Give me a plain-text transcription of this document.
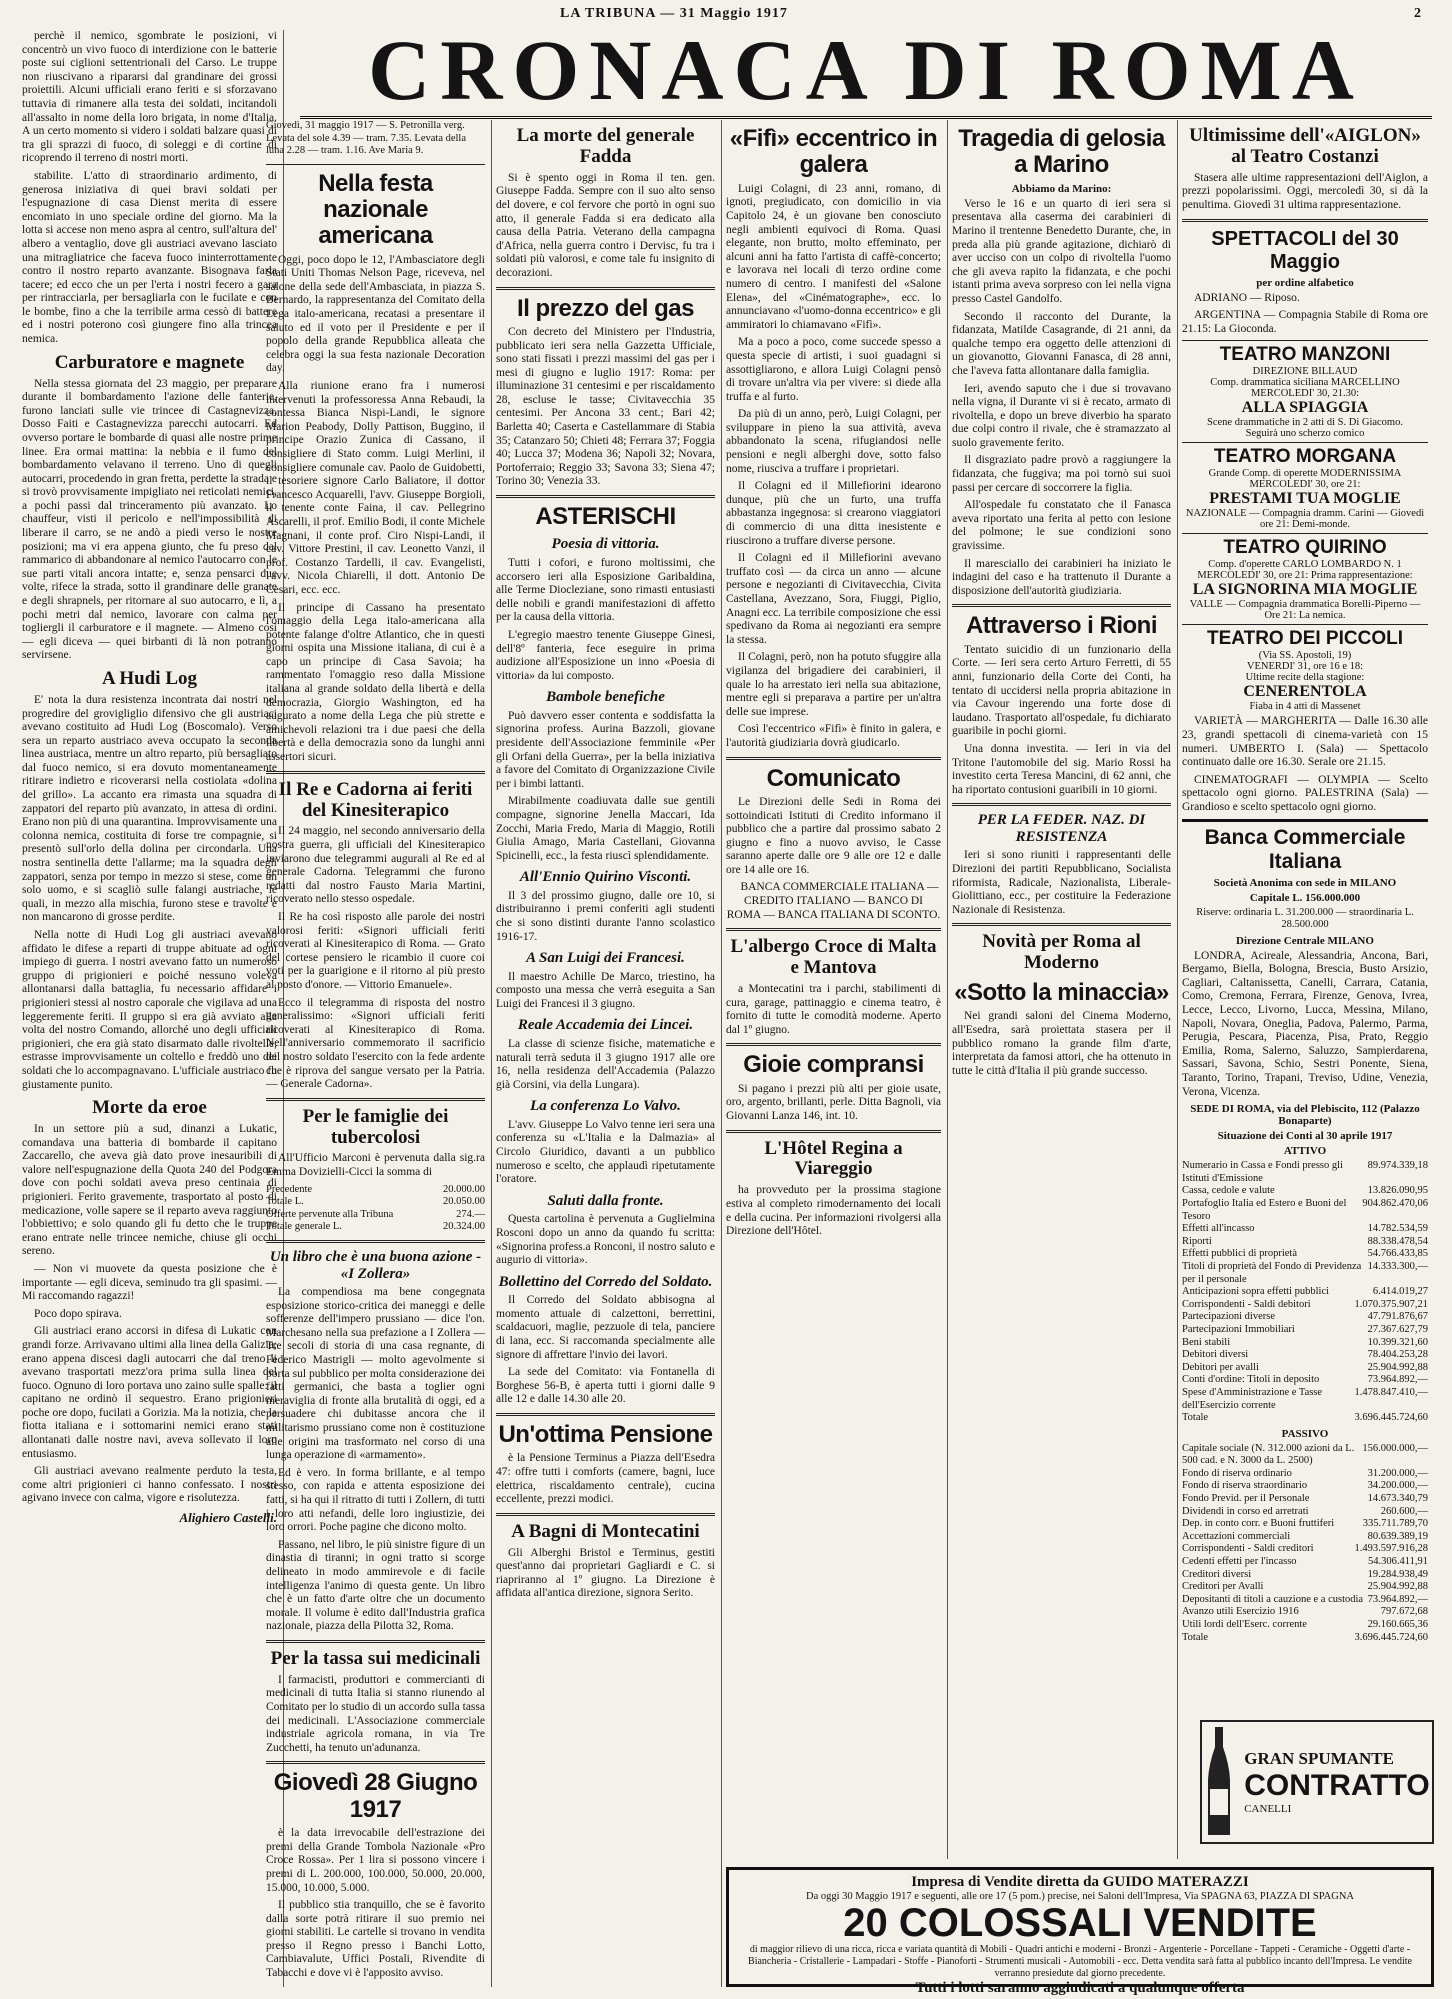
LA TRIBUNA — 31 Maggio 1917	2
CRONACA DI ROMA

perchè il nemico, sgombrate le posizioni, vi concentrò un vivo fuoco di interdizione con le batterie poste sui ciglioni settentrionali del Carso. Le truppe non riuscivano a ripararsi dal grandinare dei grossi proiettili. Alcuni ufficiali erano feriti e si sforzavano tuttavia di rimanere alla testa dei soldati, incitandoli all'assalto in nome della loro brigata, in nome d'Italia. A un certo momento si videro i soldati balzare quasi di tra gli sprazzi di fuoco, di soleggi e di cortine di ricoprendo il terreno di nostri morti.

stabilite. L'atto di straordinario ardimento, di generosa iniziativa di quei bravi soldati per l'espugnazione di casa Dienst merita di essere encomiato in uno speciale ordine del giorno. Ma la lotta si accese non meno aspra al centro, sull'altura del' albero a ventaglio, dove gli austriaci avevano lasciato una mitragliatrice che faceva fuoco ininterrottamente contro il nostro reparto avanzante. Bisognava farla tacere; ed ecco che un per l'erta i nostri fecero a gara per rintracciarla, per bersagliarla con le fucilate e con le bombe, fino a che la terribile arma cessò di battere ed i nostri poterono così giungere fino alla trincea nemica.

Carburatore e magnete

Nella stessa giornata del 23 maggio, per preparare durante il bombardamento l'azione delle fanterie, furono lanciati sulle vie trincee di Castagnevizza, Dosso Faiti e Castagnevizza parecchi autocarri. Ed ovverso portare le bombarde di quasi alle nostre prime linee. Era ormai mattina: la nebbia e il fumo del bombardamento velavano il terreno. Uno di quegli autocarri, procedendo in gran fretta, perdette la strada e si trovò provvisamente impigliato nei reticolati nemici, a pochi passi dal trinceramento più avanzato. Lo chauffeur, visti il pericolo e nell'impossibilità di liberare il carro, se ne andò a piedi verso le nostre posizioni; ma vi era appena giunto, che fu preso dal rammarico di abbandonare al nemico l'autocarro con le sue parti vitali ancora intatte; e, senza pensarci due volte, rifece la strada, sotto il grandinare delle granate e degli shrapnels, per ritornare al suo autocarro, e lì, a pochi metri dal nemico, lavorare con calma per togliergli il carburatore e il magnete. — Almeno così — egli diceva — quei birbanti di là non potranno servirsene.

A Hudi Log

E' nota la dura resistenza incontrata dai nostri nel progredire del grovigliglio difensivo che gli austriaci avevano costituito ad Hudi Log (Boscomalo). Verso sera un reparto austriaco aveva occupato la seconda linea austriaca, mentre un altro reparto, più bersagliato dal fuoco nemico, si era dovuto momentaneamente ritirare indietro e ricoverarsi nella costiolata «dolina del grillo». La accanto era rimasta una squadra di zappatori del reparto più avanzato, in attesa di ordini. Erano non più di una quarantina. Improvvisamente una colonna nemica, costituita di forse tre compagnie, si presentò sull'orlo della dolina per circondarla. Una nostra sentinella dette l'allarme; ma la squadra degli zappatori, senza por tempo in mezzo si stese, come un solo uomo, e si scagliò sulle falangi austriache, le quali, in mezzo alla mischia, furono stese e travolte e non mancarono di grosse perdite.

Nella notte di Hudi Log gli austriaci avevano affidato le difese a reparti di truppe abituate ad ogni impiego di guerra. I nostri avevano fatto un numeroso gruppo di prigionieri e poiché nessuno voleva allontanarsi dalla battaglia, fu necessario affidare i prigionieri stessi al nostro caporale che vigilava ad una leggeremente feriti. Il gruppo si era già avviato alla volta del nostro Comando, allorché uno degli ufficiali prigionieri, che era già stato disarmato dalle rivoltelle, estrasse improvvisamente un coltello e freddò uno dei soldati che lo accompagnavano. L'ufficiale austriaco fu giustamente punito.

Morte da eroe

In un settore più a sud, dinanzi a Lukatic, comandava una batteria di bombarde il capitano Zaccarello, che aveva già dato prove inesauribili di valore nell'espugnazione della Quota 240 del Podgora dove con pochi soldati aveva preso centinaia di prigionieri. Ferito gravemente, trasportato al posto di medicazione, volle sapere se il reparto aveva raggiunto l'obbiettivo; e solo quando gli fu detto che le truppe erano entrate nelle trincee nemiche, chiuse gli occhi sereno.

— Non vi muovete da questa posizione che è importante — egli diceva, seminudo tra gli spasimi. — Mi raccomando ragazzi!

Poco dopo spirava.

Gli austriaci erano accorsi in difesa di Lukatic con grandi forze. Arrivavano ultimi alla linea della Galizia; erano appena discesi dagli autocarri che dal treno li avevano trasportati mezz'ora prima sulla linea del fuoco. Ognuno di loro portava uno zaino sulle spalle: il capitano ne ordinò il sequestro. Erano prigionieri poche ore dopo, fucilati a Gorizia. Ma la notizia, che la fiotta italiana e i sottomarini nemici erano stati allontanati dalle nostre navi, aveva sollevato il loro entusiasmo.

Gli austriaci avevano realmente perduto la testa, come altri prigionieri ci hanno confessato. I nostri agivano invece con calma, vigore e risolutezza.

Alighiero Castelli.
Giovedì, 31 maggio 1917 — S. Petronilla verg. Levata del sole 4.39 — tram. 7.35. Levata della luna 2.28 — tram. 1.16. Ave Maria 9.
Nella festa nazionale americana

Oggi, poco dopo le 12, l'Ambasciatore degli Stati Uniti Thomas Nelson Page, riceveva, nel salone della sede dell'Ambasciata, in piazza S. Bernardo, la rappresentanza del Comitato della Lega italo-americana, recatasi a presentare il saluto ed il voto per il Presidente e per il popolo della grande Repubblica alleata che celebra oggi la sua festa nazionale Decoration day.

Alla riunione erano fra i numerosi intervenuti la professoressa Anna Rebaudi, la contessa Bianca Nispi-Landi, le signore Marion Peabody, Dolly Pattison, Buggino, il principe Orazio Zunica di Cassano, il consigliere di Stato comm. Luigi Merlini, il consigliere comunale cav. Paolo de Guidobetti, il tesoriere signore Carlo Baliatore, il dottor Francesco Acquarelli, l'avv. Giuseppe Borgioli, il tenente conte Faina, il cav. Pellegrino Ascarelli, il prof. Emilio Bodi, il conte Michele Magnani, il conte prof. Ciro Nispi-Landi, il cav. Vittore Prestini, il cav. Leonetto Vanzi, il prof. Costanzo Tardelli, il cav. Evangelisti, l'avv. Nicola Chiarelli, il dott. Antonio De Cesari, ecc. ecc.

Il principe di Cassano ha presentato l'omaggio della Lega italo-americana alla potente falange d'oltre Atlantico, che in questi giorni ospita una Missione italiana, di cui è a capo un principe di Casa Savoia; ha rammentato l'omaggio reso dalla Missione italiana al grande soldato della libertà e della democrazia, Giorgio Washington, ed ha augurato a nome della Lega che più strette e amichevoli relazioni tra i due paesi che della libertà e della democrazia sono da lunghi anni assertori sicuri.

Il Re e Cadorna ai feriti del Kinesiterapico

Il 24 maggio, nel secondo anniversario della nostra guerra, gli ufficiali del Kinesiterapico inviarono due telegrammi augurali al Re ed al generale Cadorna. Telegrammi che furono redatti dal nostro Fausto Maria Martini, ricoverato nello stesso ospedale.

Il Re ha così risposto alle parole dei nostri valorosi feriti: «Signori ufficiali feriti ricoverati al Kinesiterapico di Roma. — Grato del cortese pensiero le ricambio il cuore coi voti per la guarigione e il ritorno al più presto al posto d'onore. — Vittorio Emanuele».

Ecco il telegramma di risposta del nostro generalissimo: «Signori ufficiali feriti ricoverati al Kinesiterapico di Roma. Nell'anniversario commemorato il sacrificio del nostro soldato l'esercito con la fede ardente che è riprova del sangue versato per la Patria. — Generale Cadorna».

Per le famiglie dei tubercolosi

All'Ufficio Marconi è pervenuta dalla sig.ra Emma Dovizielli-Cicci la somma di

Precedente	20.000.00
Totale L.	20.050.00
Offerte pervenute alla Tribuna	274.—
Totale generale L.	20.324.00
Un libro che è una buona azione - «I Zollera»

La compendiosa ma bene congegnata esposizione storico-critica dei maneggi e delle sofferenze dell'impero prussiano — dice l'on. Marchesano nella sua prefazione a I Zollera — Tre secoli di storia di una casa regnante, di Federico Mastrigli — molto agevolmente si porta sul pubblico per molta considerazione dei fatti germanici, che basta a toglier ogni meraviglia di fronte alla brutalità di oggi, ed a persuadere chi dubitasse ancora che il militarismo prussiano come non è costituzione alle origini ma trasformato nel corso di una lunga operazione di «armamento».

Ed è vero. In forma brillante, e al tempo stesso, con rapida e attenta esposizione dei fatti, si ha qui il ritratto di tutti i Zollern, di tutti i loro atti nefandi, delle loro ingiustizie, dei loro orrori. Poche pagine che dicono molto.

Passano, nel libro, le più sinistre figure di un dinastia di tiranni; in ogni tratto si scorge delineato in modo ammirevole e di facile intelligenza l'animo di questa gente. Un libro che è un fatto d'arte oltre che un documento morale. Il volume è edito dall'Industria grafica nazionale, piazza della Pilotta 32, Roma.

Per la tassa sui medicinali

I farmacisti, produttori e commercianti di medicinali di tutta Italia si stanno riunendo al Comitato per lo studio di un accordo sulla tassa dei medicinali. L'Associazione commerciale industriale agricola romana, in via Tre Zucchetti, ha tenuto un'adunanza.

Giovedì 28 Giugno 1917

è la data irrevocabile dell'estrazione dei premi della Grande Tombola Nazionale «Pro Croce Rossa». Per 1 lira si possono vincere i premi di L. 200.000, 100.000, 50.000, 20.000, 15.000, 10.000, 5.000.

Il pubblico stia tranquillo, che se è favorito dalla sorte potrà ritirare il suo premio nei giorni stabiliti. Le cartelle si trovano in vendita presso il Regno presso i Banchi Lotto, Cambiavalute, Uffici Postali, Rivendite di Tabacchi e dove vi è l'apposito avviso.

La morte del generale Fadda

Si è spento oggi in Roma il ten. gen. Giuseppe Fadda. Sempre con il suo alto senso del dovere, e col fervore che portò in ogni suo atto, il generale Fadda si era dedicato alla causa della Patria. Veterano della campagna d'Africa, nella guerra contro i Dervisc, fu tra i soldati più valorosi, e come tale fu insignito di decorazioni.

Il prezzo del gas

Con decreto del Ministero per l'Industria, pubblicato ieri sera nella Gazzetta Ufficiale, sono stati fissati i prezzi massimi del gas per i mesi di giugno e luglio 1917: Roma: per illuminazione 31 centesimi e per riscaldamento 28, escluse le tasse; Civitavecchia 35 centesimi. Per Ancona 33 cent.; Bari 42; Barletta 40; Caserta e Castellammare di Stabia 35; Catanzaro 50; Chieti 48; Ferrara 37; Foggia 40; Lucca 37; Modena 36; Napoli 32; Novara, Portoferraio; Reggio 33; Savona 33; Siena 47; Torino 30; Venezia 33.

ASTERISCHI
Poesia di vittoria.

Tutti i cofori, e furono moltissimi, che accorsero ieri alla Esposizione Garibaldina, alle Terme Diocleziane, sono rimasti entusiasti delle nobili e grandi manifestazioni di affetto per la causa della vittoria.

L'egregio maestro tenente Giuseppe Ginesi, dell'8º fanteria, fece eseguire in prima audizione all'Esposizione un inno «Poesia di vittoria» da lui composto.

Bambole benefiche

Può davvero esser contenta e soddisfatta la signorina profess. Aurina Bazzoli, giovane presidente dell'Associazione femminile «Per gli Orfani della Guerra», per la bella iniziativa a favore del Comitato di Organizzazione Civile per i bimbi lattanti.

Mirabilmente coadiuvata dalle sue gentili compagne, signorine Jenella Maccari, Ida Zocchi, Maria Fredo, Maria di Maggio, Rotili Giulia Amago, Maria Castellani, Giovanna Spicinelli, ecc., la festa riuscì splendidamente.

All'Ennio Quirino Visconti.

Il 3 del prossimo giugno, dalle ore 10, si distribuiranno i premi conferiti agli studenti che si sono distinti durante l'anno scolastico 1916-17.

A San Luigi dei Francesi.

Il maestro Achille De Marco, triestino, ha composto una messa che verrà eseguita a San Luigi dei Francesi il 3 giugno.

Reale Accademia dei Lincei.

La classe di scienze fisiche, matematiche e naturali terrà seduta il 3 giugno 1917 alle ore 16, nella residenza dell'Accademia (Palazzo già Corsini, via della Lungara).

La conferenza Lo Valvo.

L'avv. Giuseppe Lo Valvo tenne ieri sera una conferenza su «L'Italia e la Dalmazia» al Circolo Giuridico, davanti a un pubblico numeroso e scelto, che applaudì ripetutamente l'oratore.

Saluti dalla fronte.

Questa cartolina è pervenuta a Guglielmina Rosconi dopo un anno da quando fu scritta: «Signorina profess.a Ronconi, il nostro saluto e augurio di vittoria».

Bollettino del Corredo del Soldato.

Il Corredo del Soldato abbisogna al momento attuale di calzettoni, berrettini, scaldacuori, maglie, pezzuole di tela, panciere di lana, ecc. Si raccomanda specialmente alle signore di affrettare l'invio dei lavori.

La sede del Comitato: via Fontanella di Borghese 56-B, è aperta tutti i giorni dalle 9 alle 12 e dalle 14.30 alle 20.

Un'ottima Pensione

è la Pensione Terminus a Piazza dell'Esedra 47: offre tutti i comforts (camere, bagni, luce elettrica, riscaldamento centrale), cucina eccellente, prezzi modici.

A Bagni di Montecatini

Gli Alberghi Bristol e Terminus, gestiti quest'anno dai proprietari Gagliardi e C. si riapriranno al 1º giugno. La Direzione è affidata all'antica direzione, signora Serito.

«Fifì» eccentrico in galera

Luigi Colagni, di 23 anni, romano, di ignoti, pregiudicato, con domicilio in via Capitolo 24, è un giovane ben conosciuto negli ambienti equivoci di Roma. Quasi elegante, non brutto, molto effeminato, per alcuni anni ha fatto l'artista di caffè-concerto; e lavorava nei locali di terzo ordine come numero di centro. I manifesti del «Salone Elena», del «Cinématographe», ecc. lo annunciavano «l'uomo-donna eccentrico» e gli ammiratori lo chiamavano «Fifì».

Ma a poco a poco, come succede spesso a questa specie di artisti, i suoi guadagni si assottigliarono, e allora Luigi Colagni pensò di trovare un'altra via per vivere: si diede alla truffa e al furto.

Da più di un anno, però, Luigi Colagni, per sviluppare in pieno la sua attività, aveva abbandonato la scena, rifugiandosi nelle pensioni e negli alberghi dove, sotto falso nome, riusciva a truffare i proprietari.

Il Colagni ed il Millefiorini idearono dunque, più che un furto, una truffa abbastanza ingegnosa: si crearono viaggiatori di commercio di una ditta inesistente e riuscirono a truffare diverse persone.

Il Colagni ed il Millefiorini avevano truffato così — da circa un anno — alcune persone e negozianti di Civitavecchia, Civita Castellana, Avezzano, Sora, Fiuggi, Piglio, Anagni ecc. La terribile composizione che essi spedivano da Roma ai negozianti era sempre la stessa.

Il Colagni, però, non ha potuto sfuggire alla vigilanza del brigadiere dei carabinieri, il quale lo ha arrestato ieri nella sua abitazione, mentre egli si preparava a partire per un'altra delle sue imprese.

Così l'eccentrico «Fifì» è finito in galera, e l'autorità giudiziaria dovrà giudicarlo.

Comunicato

Le Direzioni delle Sedi in Roma dei sottoindicati Istituti di Credito informano il pubblico che a partire dal prossimo sabato 2 giugno e fino a nuovo avviso, le Casse saranno aperte dalle ore 9 alle ore 12 e dalle ore 14 alle ore 16.

BANCA COMMERCIALE ITALIANA — CREDITO ITALIANO — BANCO DI ROMA — BANCA ITALIANA DI SCONTO.

L'albergo Croce di Malta e Mantova

a Montecatini tra i parchi, stabilimenti di cura, garage, pattinaggio e cinema teatro, è fornito di tutte le comodità moderne. Aperto dal 1º giugno.

Gioie compransi

Si pagano i prezzi più alti per gioie usate, oro, argento, brillanti, perle. Ditta Bagnoli, via Giovanni Lanza 146, int. 10.

L'Hôtel Regina a Viareggio

ha provveduto per la prossima stagione estiva al completo rimodernamento dei locali e della cucina. Per informazioni rivolgersi alla Direzione dell'Hôtel.

Tragedia di gelosia a Marino
Abbiamo da Marino:

Verso le 16 e un quarto di ieri sera si presentava alla caserma dei carabinieri di Marino il trentenne Benedetto Durante, che, in preda alla più grande agitazione, dichiarò di aver ucciso con un colpo di rivoltella l'uomo che gli aveva rapito la fidanzata, e che pochi istanti prima aveva sorpreso con lei nella vigna presso Castel Gandolfo.

Secondo il racconto del Durante, la fidanzata, Matilde Casagrande, di 21 anni, da qualche tempo era oggetto delle attenzioni di un giovanotto, Giovanni Fanasca, di 28 anni, che l'aveva fatta allontanare dalla famiglia.

Ieri, avendo saputo che i due si trovavano nella vigna, il Durante vi si è recato, armato di rivoltella, e dopo un breve diverbio ha sparato due colpi contro il rivale, che è stramazzato al suolo gravemente ferito.

Il disgraziato padre provò a raggiungere la fidanzata, che fuggiva; ma poi tornò sui suoi passi per cercare di soccorrere la figlia.

All'ospedale fu constatato che il Fanasca aveva riportato una ferita al petto con lesione del polmone; le sue condizioni sono gravissime.

Il maresciallo dei carabinieri ha iniziato le indagini del caso e ha trattenuto il Durante a disposizione dell'autorità giudiziaria.

Attraverso i Rioni

Tentato suicidio di un funzionario della Corte. — Ieri sera certo Arturo Ferretti, di 55 anni, funzionario della Corte dei Conti, ha tentato di uccidersi nella propria abitazione in via Cavour ingerendo una forte dose di laudano. Trasportato all'ospedale, fu dichiarato guaribile in pochi giorni.

Una donna investita. — Ieri in via del Tritone l'automobile del sig. Mario Rossi ha investito certa Teresa Mancini, di 62 anni, che ha riportato contusioni guaribili in 10 giorni.

PER LA FEDER. NAZ. DI RESISTENZA

Ieri si sono riuniti i rappresentanti delle Direzioni dei partiti Repubblicano, Socialista riformista, Radicale, Nazionalista, Liberale-Giolittiano, ecc., per costituire la Federazione Nazionale di Resistenza.

Novità per Roma al Moderno
«Sotto la minaccia»

Nei grandi saloni del Cinema Moderno, all'Esedra, sarà proiettata stasera per il pubblico romano la grande film d'arte, interpretata da famosi attori, che ha ottenuto in tutte le città d'Italia il più grande successo.

Ultimissime dell'«AIGLON» al Teatro Costanzi

Stasera alle ultime rappresentazioni dell'Aiglon, a prezzi popolarissimi. Oggi, mercoledì 30, si dà la penultima. Giovedì 31 ultima rappresentazione.

SPETTACOLI del 30 Maggio
per ordine alfabetico

ADRIANO — Riposo.

ARGENTINA — Compagnia Stabile di Roma ore 21.15: La Gioconda.

TEATRO MANZONI
DIREZIONE BILLAUD
Comp. drammatica siciliana MARCELLINO
MERCOLEDI' 30, 21.30:
ALLA SPIAGGIA
Scene drammatiche in 2 atti di S. Di Giacomo.
Seguirà uno scherzo comico
TEATRO MORGANA
Grande Comp. di operette MODERNISSIMA
MERCOLEDI' 30, ore 21:
PRESTAMI TUA MOGLIE
NAZIONALE — Compagnia dramm. Carini — Giovedì ore 21: Demi-monde.
TEATRO QUIRINO
Comp. d'operette CARLO LOMBARDO N. 1
MERCOLEDI' 30, ore 21: Prima rappresentazione:
LA SIGNORINA MIA MOGLIE
VALLE — Compagnia drammatica Borelli-Piperno — Ore 21: La nemica.
TEATRO DEI PICCOLI
(Via SS. Apostoli, 19)
VENERDI' 31, ore 16 e 18:
Ultime recite della stagione:
CENERENTOLA
Fiaba in 4 atti di Massenet

VARIETÀ — MARGHERITA — Dalle 16.30 alle 23, grandi spettacoli di cinema-varietà con 15 numeri. UMBERTO I. (Sala) — Spettacolo continuato dalle ore 16.30. Serale ore 21.15.

CINEMATOGRAFI — OLYMPIA — Scelto spettacolo ogni giorno. PALESTRINA (Sala) — Grandioso e scelto spettacolo ogni giorno.

Banca Commerciale Italiana
Società Anonima con sede in MILANO
Capitale L. 156.000.000
Riserve: ordinaria L. 31.200.000 — straordinaria L. 28.500.000
Direzione Centrale MILANO

LONDRA, Acireale, Alessandria, Ancona, Bari, Bergamo, Biella, Bologna, Brescia, Busto Arsizio, Cagliari, Caltanissetta, Canelli, Carrara, Catania, Como, Cremona, Ferrara, Firenze, Genova, Ivrea, Lecce, Lecco, Livorno, Lucca, Messina, Milano, Napoli, Novara, Oneglia, Padova, Palermo, Parma, Perugia, Pescara, Piacenza, Pisa, Prato, Reggio Emilia, Roma, Salerno, Saluzzo, Sampierdarena, Sassari, Savona, Schio, Sestri Ponente, Siena, Taranto, Torino, Trapani, Treviso, Udine, Venezia, Verona, Vicenza.

SEDE DI ROMA, via del Plebiscito, 112 (Palazzo Bonaparte)
Situazione dei Conti al 30 aprile 1917
ATTIVO
Numerario in Cassa e Fondi presso gli Istituti d'Emissione
89.974.339,18
Cassa, cedole e valute	13.826.090,95
Portafoglio Italia ed Estero e Buoni del Tesoro
904.862.470,06
Effetti all'incasso	14.782.534,59
Riporti	88.338.478,54
Effetti pubblici di proprietà	54.766.433,85
Titoli di proprietà del Fondo di Previdenza per il personale
14.333.300,—
Anticipazioni sopra effetti pubblici	6.414.019,27
Corrispondenti - Saldi debitori	1.070.375.907,21
Partecipazioni diverse	47.791.876,67
Partecipazioni Immobiliari	27.367.627,79
Beni stabili	10.399.321,60
Debitori diversi	78.404.253,28
Debitori per avalli	25.904.992,88
Conti d'ordine: Titoli in deposito	73.964.892,—
Spese d'Amministrazione e Tasse dell'Esercizio corrente
1.478.847.410,—
Totale	3.696.445.724,60
PASSIVO
Capitale sociale (N. 312.000 azioni da L. 500 cad. e N. 3000 da L. 2500)
156.000.000,—
Fondo di riserva ordinario	31.200.000,—
Fondo di riserva straordinario	34.200.000,—
Fondo Previd. per il Personale	14.673.340,79
Dividendi in corso ed arretrati	260.600,—
Dep. in conto corr. e Buoni fruttiferi	335.711.789,70
Accettazioni commerciali	80.639.389,19
Corrispondenti - Saldi creditori	1.493.597.916,28
Cedenti effetti per l'incasso	54.306.411,91
Creditori diversi	19.284.938,49
Creditori per Avalli	25.904.992,88
Depositanti di titoli a cauzione e a custodia 73.964.892,—
Avanzo utili Esercizio 1916	797.672,68
Utili lordi dell'Eserc. corrente	29.160.665,36
Totale	3.696.445.724,60
Impresa di Vendite diretta da GUIDO MATERAZZI
Da oggi 30 Maggio 1917 e seguenti, alle ore 17 (5 pom.) precise, nei Saloni dell'Impresa, Via SPAGNA 63, PIAZZA DI SPAGNA
20 COLOSSALI VENDITE
di maggior rilievo di una ricca, ricca e variata quantità di Mobili - Quadri antichi e moderni - Bronzi - Argenterie - Porcellane - Tappeti - Ceramiche - Oggetti d'arte - Biancheria - Cristallerie - Lampadari - Stoffe - Pianoforti - Strumenti musicali - Automobili - ecc. Detta vendita sarà fatta al pubblico incanto dell'Impresa. Le vendite verranno presiedute dal giorno precedente.
Tutti i lotti saranno aggiudicati a qualunque offerta
GRAN SPUMANTE
CONTRATTO
CANELLI
